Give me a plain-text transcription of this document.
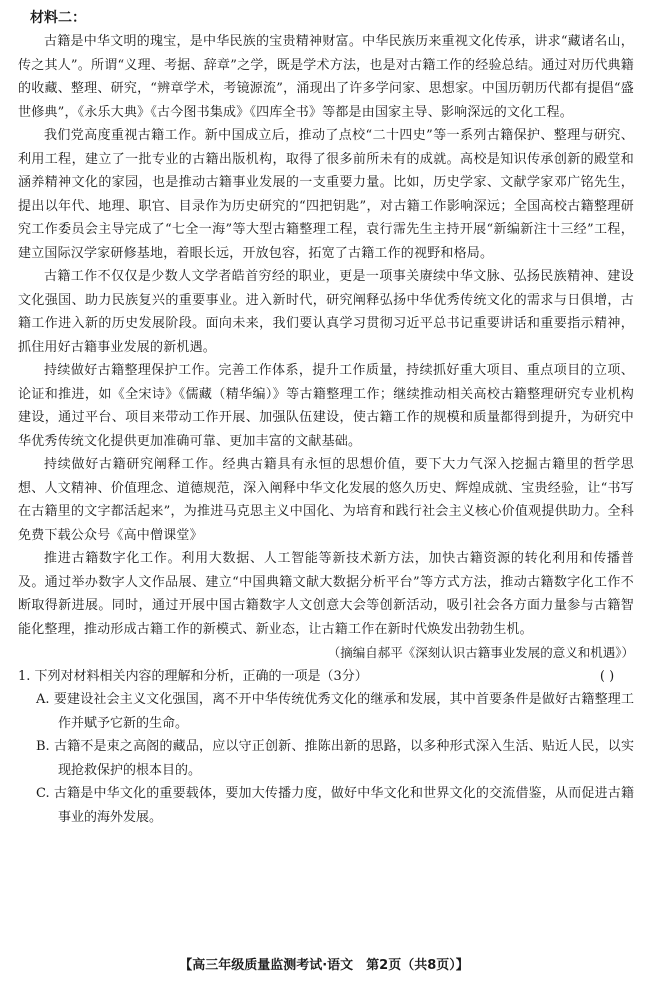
材料二：

古籍是中华文明的瑰宝，是中华民族的宝贵精神财富。中华民族历来重视文化传承，讲求“藏诸名山，传之其人”。所谓“义理、考据、辞章”之学，既是学术方法，也是对古籍工作的经验总结。通过对历代典籍的收藏、整理、研究，“辨章学术，考镜源流”，涌现出了许多学问家、思想家。中国历朝历代都有提倡“盛世修典”，《永乐大典》《古今图书集成》《四库全书》等都是由国家主导、影响深远的文化工程。

我们党高度重视古籍工作。新中国成立后，推动了点校“二十四史”等一系列古籍保护、整理与研究、利用工程，建立了一批专业的古籍出版机构，取得了很多前所未有的成就。高校是知识传承创新的殿堂和涵养精神文化的家园，也是推动古籍事业发展的一支重要力量。比如，历史学家、文献学家邓广铭先生，提出以年代、地理、职官、目录作为历史研究的“四把钥匙”，对古籍工作影响深远；全国高校古籍整理研究工作委员会主导完成了“七全一海”等大型古籍整理工程，袁行霈先生主持开展“新编新注十三经”工程，建立国际汉学家研修基地，着眼长远，开放包容，拓宽了古籍工作的视野和格局。

古籍工作不仅仅是少数人文学者皓首穷经的职业，更是一项事关赓续中华文脉、弘扬民族精神、建设文化强国、助力民族复兴的重要事业。进入新时代，研究阐释弘扬中华优秀传统文化的需求与日俱增，古籍工作进入新的历史发展阶段。面向未来，我们要认真学习贯彻习近平总书记重要讲话和重要指示精神，抓住用好古籍事业发展的新机遇。

持续做好古籍整理保护工作。完善工作体系，提升工作质量，持续抓好重大项目、重点项目的立项、论证和推进，如《全宋诗》《儒藏（精华编）》等古籍整理工作；继续推动相关高校古籍整理研究专业机构建设，通过平台、项目来带动工作开展、加强队伍建设，使古籍工作的规模和质量都得到提升，为研究中华优秀传统文化提供更加准确可靠、更加丰富的文献基础。

持续做好古籍研究阐释工作。经典古籍具有永恒的思想价值，要下大力气深入挖掘古籍里的哲学思想、人文精神、价值理念、道德规范，深入阐释中华文化发展的悠久历史、辉煌成就、宝贵经验，让“书写在古籍里的文字都活起来”，为推进马克思主义中国化、为培育和践行社会主义核心价值观提供助力。全科免费下载公众号《高中僧课堂》

推进古籍数字化工作。利用大数据、人工智能等新技术新方法，加快古籍资源的转化利用和传播普及。通过举办数字人文作品展、建立“中国典籍文献大数据分析平台”等方式方法，推动古籍数字化工作不断取得新进展。同时，通过开展中国古籍数字人文创意大会等创新活动，吸引社会各方面力量参与古籍智能化整理，推动形成古籍工作的新模式、新业态，让古籍工作在新时代焕发出勃勃生机。

（摘编自郝平《深刻认识古籍事业发展的意义和机遇》）

1. 下列对材料相关内容的理解和分析，正确的一项是（3分）	( )

A. 要建设社会主义文化强国，离不开中华传统优秀文化的继承和发展，其中首要条件是做好古籍整理工作并赋予它新的生命。

B. 古籍不是束之高阁的藏品，应以守正创新、推陈出新的思路，以多种形式深入生活、贴近人民，以实现抢救保护的根本目的。

C. 古籍是中华文化的重要载体，要加大传播力度，做好中华文化和世界文化的交流借鉴，从而促进古籍事业的海外发展。

【高三年级质量监测考试·语文　第2页（共8页）】
